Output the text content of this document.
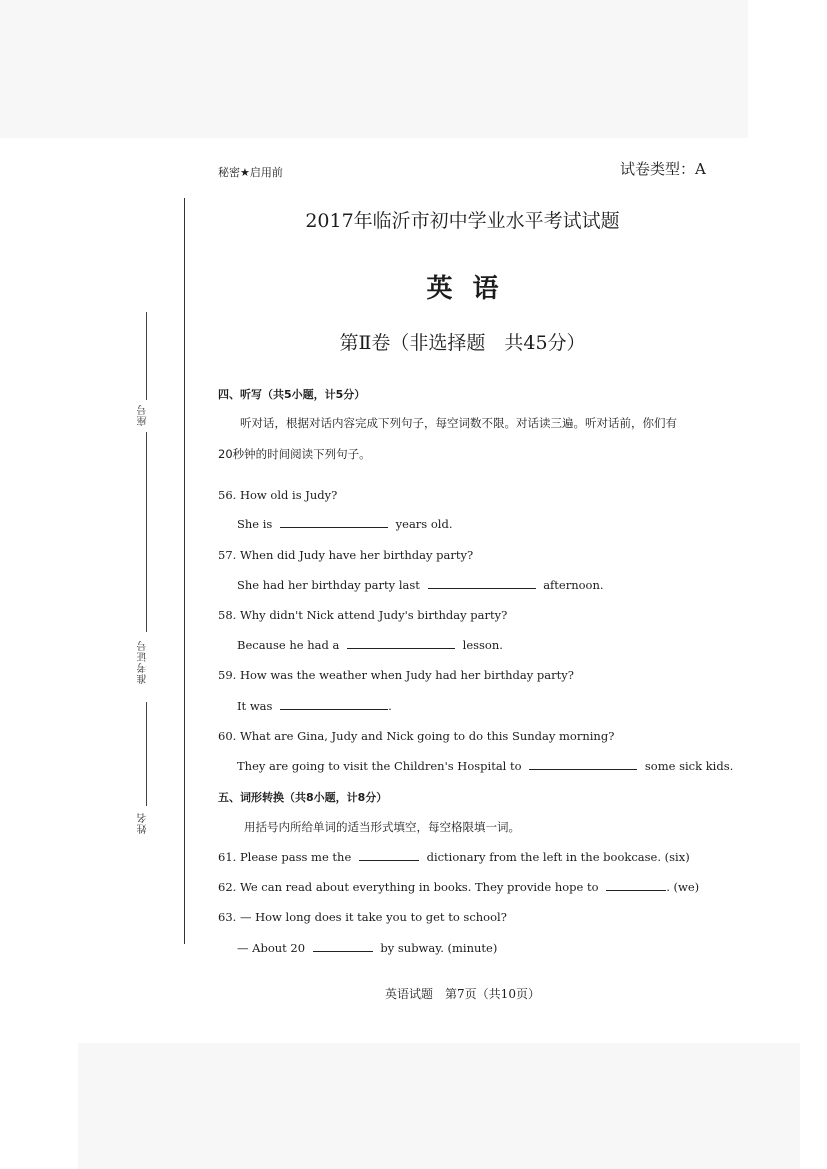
秘密★启用前	试卷类型：A
座号
准考证号
姓名
2017年临沂市初中学业水平考试试题
英语
第Ⅱ卷（非选择题　共45分）
四、听写（共5小题，计5分）
听对话，根据对话内容完成下列句子，每空词数不限。对话读三遍。听对话前，你们有
20秒钟的时间阅读下列句子。
56. How old is Judy?
She is	years old.
57. When did Judy have her birthday party?
She had her birthday party last	afternoon.
58. Why didn't Nick attend Judy's birthday party?
Because he had a	lesson.
59. How was the weather when Judy had her birthday party?
It was	.
60. What are Gina, Judy and Nick going to do this Sunday morning?
They are going to visit the Children's Hospital to	some sick kids.
五、词形转换（共8小题，计8分）
用括号内所给单词的适当形式填空，每空格限填一词。
61. Please pass me the	dictionary from the left in the bookcase. (six)
62. We can read about everything in books. They provide hope to	. (we)
63. — How long does it take you to get to school?
— About 20	by subway. (minute)
英语试题　第7页（共10页）
